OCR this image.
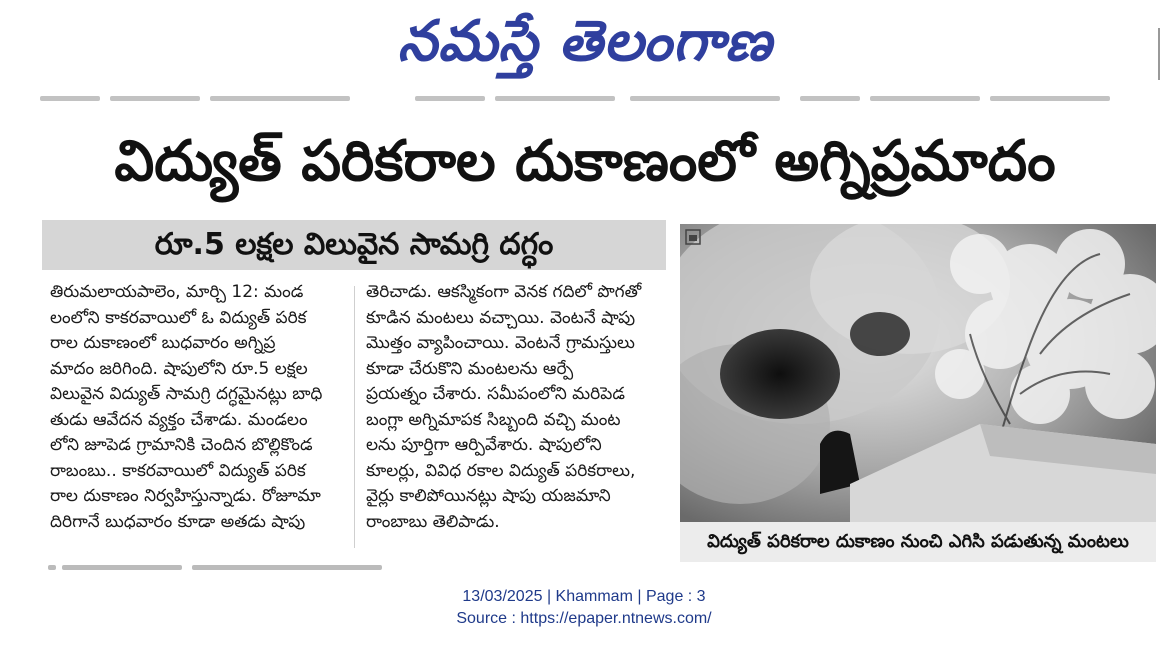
నమస్తే తెలంగాణ
విద్యుత్ పరికరాల దుకాణంలో అగ్నిప్రమాదం
రూ.5 లక్షల విలువైన సామగ్రి దగ్ధం
తిరుమలాయపాలెం, మార్చి 12: మండ
లంలోని కాకరవాయిలో ఓ విద్యుత్ పరిక
రాల దుకాణంలో బుధవారం అగ్నిప్ర
మాదం జరిగింది. షాపులోని రూ.5 లక్షల
విలువైన విద్యుత్ సామగ్రి దగ్ధమైనట్లు బాధి
తుడు ఆవేదన వ్యక్తం చేశాడు. మండలం
లోని జూపెడ గ్రామానికి చెందిన బొల్లికొండ
రాబంబు.. కాకరవాయిలో విద్యుత్ పరిక
రాల దుకాణం నిర్వహిస్తున్నాడు. రోజూమా
దిరిగానే బుధవారం కూడా అతడు షాపు
తెరిచాడు. ఆకస్మికంగా వెనక గదిలో పొగతో
కూడిన మంటలు వచ్చాయి. వెంటనే షాపు
మొత్తం వ్యాపించాయి. వెంటనే గ్రామస్తులు
కూడా చేరుకొని మంటలను ఆర్పే
ప్రయత్నం చేశారు. సమీపంలోని మరిపెడ
బంగ్లా అగ్నిమాపక సిబ్బంది వచ్చి మంట
లను పూర్తిగా ఆర్పివేశారు. షాపులోని
కూలర్లు, వివిధ రకాల విద్యుత్ పరికరాలు,
వైర్లు కాలిపోయినట్లు షాపు యజమాని
రాంబాబు తెలిపాడు.
విద్యుత్ పరికరాల దుకాణం నుంచి ఎగిసి పడుతున్న మంటలు
13/03/2025 | Khammam | Page : 3
Source : https://epaper.ntnews.com/
